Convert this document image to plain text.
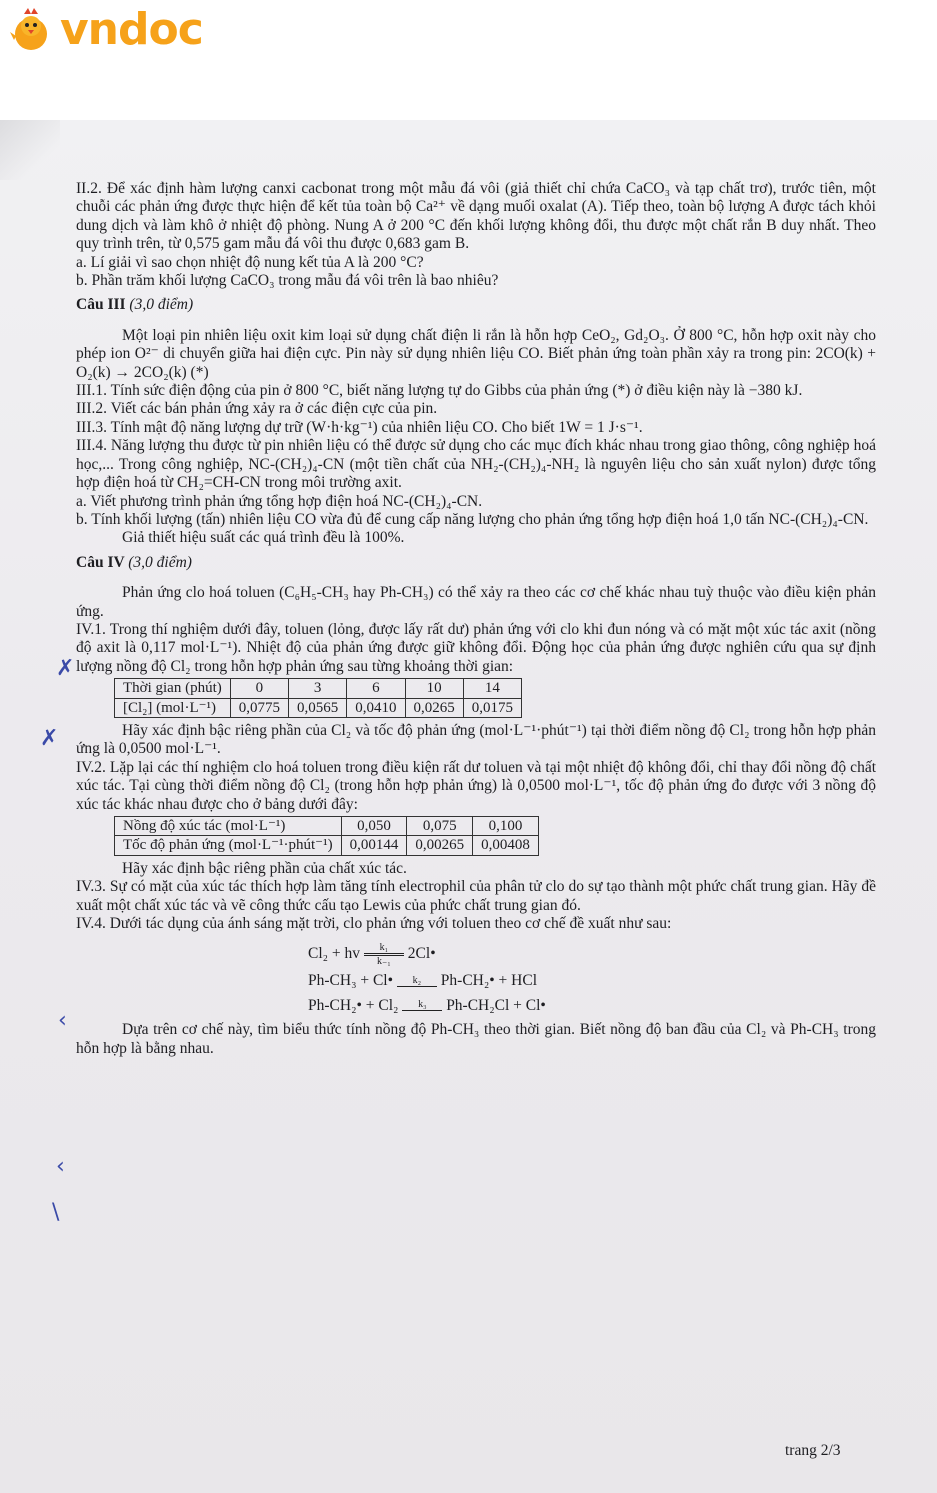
vndoc

II.2. Để xác định hàm lượng canxi cacbonat trong một mẫu đá vôi (giả thiết chỉ chứa CaCO₃ và tạp chất trơ), trước tiên, một chuỗi các phản ứng được thực hiện để kết tủa toàn bộ Ca²⁺ về dạng muối oxalat (A). Tiếp theo, toàn bộ lượng A được tách khỏi dung dịch và làm khô ở nhiệt độ phòng. Nung A ở 200 °C đến khối lượng không đổi, thu được một chất rắn B duy nhất. Theo quy trình trên, từ 0,575 gam mẫu đá vôi thu được 0,683 gam B.

a. Lí giải vì sao chọn nhiệt độ nung kết tủa A là 200 °C?

b. Phần trăm khối lượng CaCO₃ trong mẫu đá vôi trên là bao nhiêu?

Câu III (3,0 điểm)

Một loại pin nhiên liệu oxit kim loại sử dụng chất điện li rắn là hỗn hợp CeO₂, Gd₂O₃. Ở 800 °C, hỗn hợp oxit này cho phép ion O²⁻ di chuyển giữa hai điện cực. Pin này sử dụng nhiên liệu CO. Biết phản ứng toàn phần xảy ra trong pin: 2CO(k) + O₂(k) → 2CO₂(k) (*)

III.1. Tính sức điện động của pin ở 800 °C, biết năng lượng tự do Gibbs của phản ứng (*) ở điều kiện này là −380 kJ.

III.2. Viết các bán phản ứng xảy ra ở các điện cực của pin.

III.3. Tính mật độ năng lượng dự trữ (W·h·kg⁻¹) của nhiên liệu CO. Cho biết 1W = 1 J·s⁻¹.

III.4. Năng lượng thu được từ pin nhiên liệu có thể được sử dụng cho các mục đích khác nhau trong giao thông, công nghiệp hoá học,... Trong công nghiệp, NC-(CH₂)₄-CN (một tiền chất của NH₂-(CH₂)₄-NH₂ là nguyên liệu cho sản xuất nylon) được tổng hợp điện hoá từ CH₂=CH-CN trong môi trường axit.

a. Viết phương trình phản ứng tổng hợp điện hoá NC-(CH₂)₄-CN.

b. Tính khối lượng (tấn) nhiên liệu CO vừa đủ để cung cấp năng lượng cho phản ứng tổng hợp điện hoá 1,0 tấn NC-(CH₂)₄-CN.

Giả thiết hiệu suất các quá trình đều là 100%.

Câu IV (3,0 điểm)

Phản ứng clo hoá toluen (C₆H₅-CH₃ hay Ph-CH₃) có thể xảy ra theo các cơ chế khác nhau tuỳ thuộc vào điều kiện phản ứng.

IV.1. Trong thí nghiệm dưới đây, toluen (lỏng, được lấy rất dư) phản ứng với clo khi đun nóng và có mặt một xúc tác axit (nồng độ axit là 0,117 mol·L⁻¹). Nhiệt độ của phản ứng được giữ không đổi. Động học của phản ứng được nghiên cứu qua sự định lượng nồng độ Cl₂ trong hỗn hợp phản ứng sau từng khoảng thời gian:

Thời gian (phút)	0	3	6	10	14
[Cl₂] (mol·L⁻¹)	0,0775	0,0565	0,0410	0,0265	0,0175

Hãy xác định bậc riêng phần của Cl₂ và tốc độ phản ứng (mol·L⁻¹·phút⁻¹) tại thời điểm nồng độ Cl₂ trong hỗn hợp phản ứng là 0,0500 mol·L⁻¹.

IV.2. Lặp lại các thí nghiệm clo hoá toluen trong điều kiện rất dư toluen và tại một nhiệt độ không đổi, chỉ thay đổi nồng độ chất xúc tác. Tại cùng thời điểm nồng độ Cl₂ (trong hỗn hợp phản ứng) là 0,0500 mol·L⁻¹, tốc độ phản ứng đo được với 3 nồng độ xúc tác khác nhau được cho ở bảng dưới đây:

Nồng độ xúc tác (mol·L⁻¹)	0,050	0,075	0,100
Tốc độ phản ứng (mol·L⁻¹·phút⁻¹)	0,00144	0,00265	0,00408

Hãy xác định bậc riêng phần của chất xúc tác.

IV.3. Sự có mặt của xúc tác thích hợp làm tăng tính electrophil của phân tử clo do sự tạo thành một phức chất trung gian. Hãy đề xuất một chất xúc tác và vẽ công thức cấu tạo Lewis của phức chất trung gian đó.

IV.4. Dưới tác dụng của ánh sáng mặt trời, clo phản ứng với toluen theo cơ chế đề xuất như sau:

Cl₂ + hv $\frac{\text{k₁}}{\text{k₋₁}}$ 2Cl•
Ph-CH₃ + Cl•	k₂	Ph-CH₂• + HCl
Ph-CH₂• + Cl₂	k₃	Ph-CH₂Cl + Cl•

Dựa trên cơ chế này, tìm biểu thức tính nồng độ Ph-CH₃ theo thời gian. Biết nồng độ ban đầu của Cl₂ và Ph-CH₃ trong hỗn hợp là bằng nhau.

✗
✗
‹
‹
\
trang 2/3
